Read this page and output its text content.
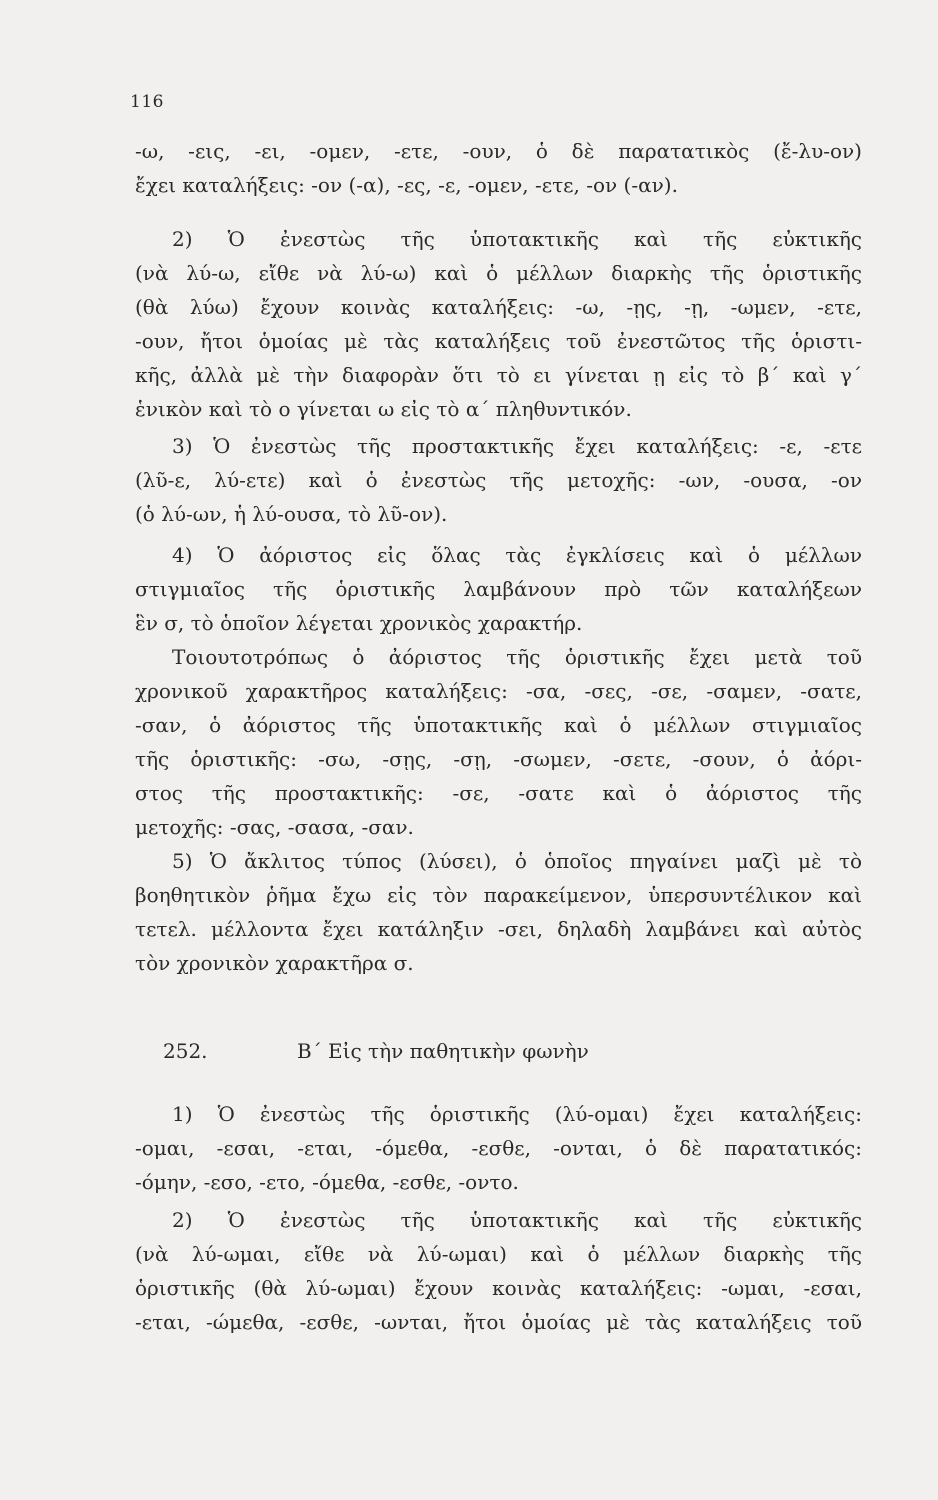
116
-ω, -εις, -ει, -ομεν, -ετε, -ουν, ὁ δὲ παρατατικὸς (ἔ-λυ-ον)
ἔχει καταλήξεις: -ον (-α), -ες, -ε, -ομεν, -ετε, -ον (-αν).
2) Ὁ ἐνεστὼς τῆς ὑποτακτικῆς καὶ τῆς εὐκτικῆς
(νὰ λύ-ω, εἴθε νὰ λύ-ω) καὶ ὁ μέλλων διαρκὴς τῆς ὁριστικῆς
(θὰ λύω) ἔχουν κοινὰς καταλήξεις: -ω, -ῃς, -ῃ, -ωμεν, -ετε,
-ουν, ἤτοι ὁμοίας μὲ τὰς καταλήξεις τοῦ ἐνεστῶτος τῆς ὁριστι-
κῆς, ἀλλὰ μὲ τὴν διαφορὰν ὅτι τὸ ει γίνεται ῃ εἰς τὸ β΄ καὶ γ΄
ἑνικὸν καὶ τὸ ο γίνεται ω εἰς τὸ α΄ πληθυντικόν.
3) Ὁ ἐνεστὼς τῆς προστακτικῆς ἔχει καταλήξεις: -ε, -ετε
(λῦ-ε, λύ-ετε) καὶ ὁ ἐνεστὼς τῆς μετοχῆς: -ων, -ουσα, -ον
(ὁ λύ-ων, ἡ λύ-ουσα, τὸ λῦ-ον).
4) Ὁ ἀόριστος εἰς ὅλας τὰς ἐγκλίσεις καὶ ὁ μέλλων
στιγμιαῖος τῆς ὁριστικῆς λαμβάνουν πρὸ τῶν καταλήξεων
ἓν σ, τὸ ὁποῖον λέγεται χρονικὸς χαρακτήρ.
Τοιουτοτρόπως ὁ ἀόριστος τῆς ὁριστικῆς ἔχει μετὰ τοῦ
χρονικοῦ χαρακτῆρος καταλήξεις: -σα, -σες, -σε, -σαμεν, -σατε,
-σαν, ὁ ἀόριστος τῆς ὑποτακτικῆς καὶ ὁ μέλλων στιγμιαῖος
τῆς ὁριστικῆς: -σω, -σῃς, -σῃ, -σωμεν, -σετε, -σουν, ὁ ἀόρι-
στος τῆς προστακτικῆς: -σε, -σατε καὶ ὁ ἀόριστος τῆς
μετοχῆς: -σας, -σασα, -σαν.
5) Ὁ ἄκλιτος τύπος (λύσει), ὁ ὁποῖος πηγαίνει μαζὶ μὲ τὸ
βοηθητικὸν ῥῆμα ἔχω εἰς τὸν παρακείμενον, ὑπερσυντέλικον καὶ
τετελ. μέλλοντα ἔχει κατάληξιν -σει, δηλαδὴ λαμβάνει καὶ αὐτὸς
τὸν χρονικὸν χαρακτῆρα σ.
252.	Β΄ Εἰς τὴν παθητικὴν φωνὴν
1) Ὁ ἐνεστὼς τῆς ὁριστικῆς (λύ-ομαι) ἔχει καταλήξεις:
-ομαι, -εσαι, -εται, -όμεθα, -εσθε, -ονται, ὁ δὲ παρατατικός:
-όμην, -εσο, -ετο, -όμεθα, -εσθε, -οντο.
2) Ὁ ἐνεστὼς τῆς ὑποτακτικῆς καὶ τῆς εὐκτικῆς
(νὰ λύ-ωμαι, εἴθε νὰ λύ-ωμαι) καὶ ὁ μέλλων διαρκὴς τῆς
ὁριστικῆς (θὰ λύ-ωμαι) ἔχουν κοινὰς καταλήξεις: -ωμαι, -εσαι,
-εται, -ώμεθα, -εσθε, -ωνται, ἤτοι ὁμοίας μὲ τὰς καταλήξεις τοῦ
